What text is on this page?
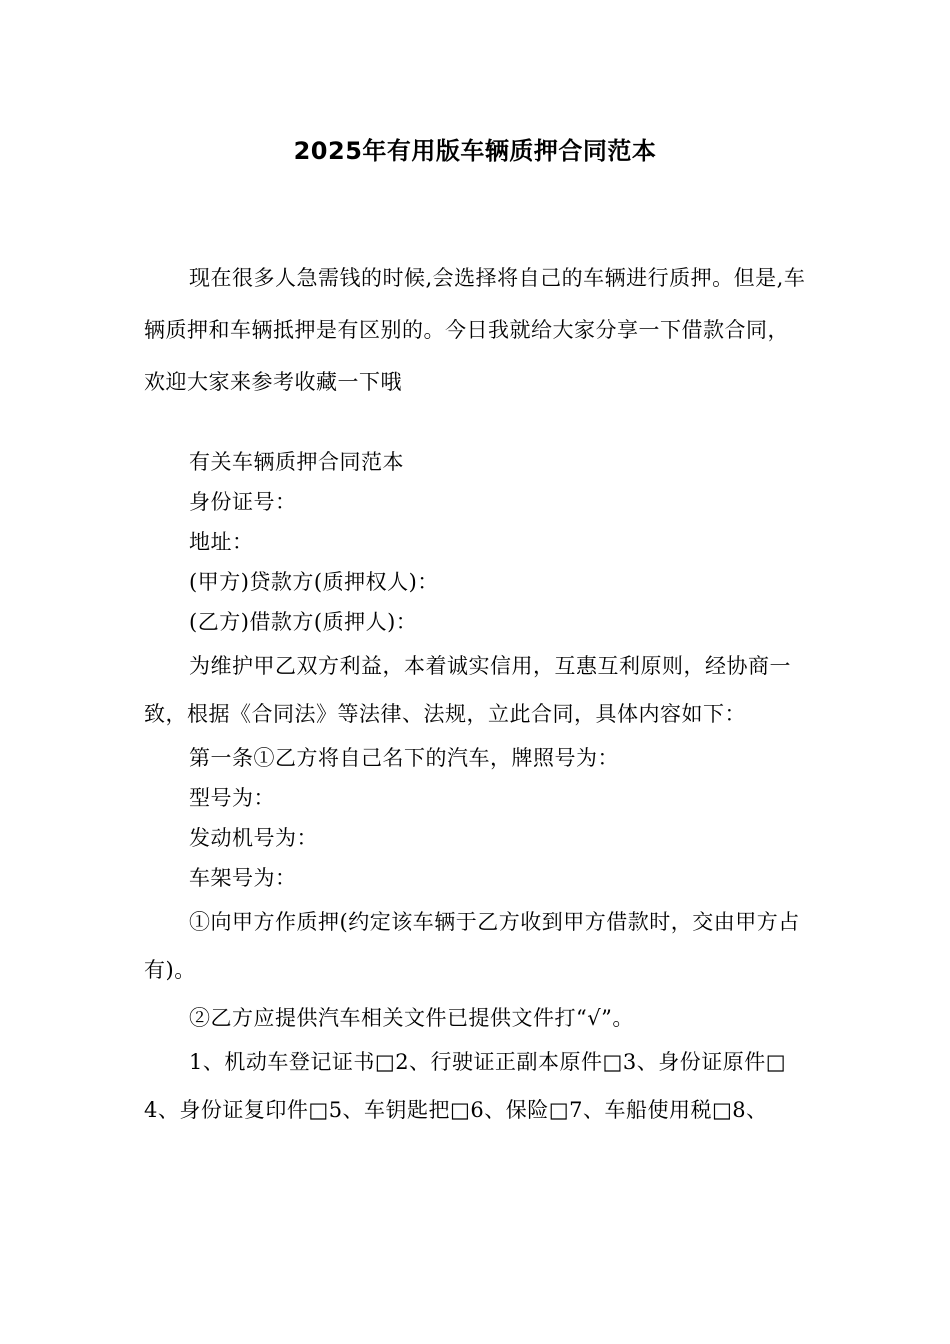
2025年有用版车辆质押合同范本

现在很多人急需钱的时候,会选择将自己的车辆进行质押。但是,车辆质押和车辆抵押是有区别的。今日我就给大家分享一下借款合同，欢迎大家来参考收藏一下哦

有关车辆质押合同范本

身份证号：

地址：

(甲方)贷款方(质押权人)：

(乙方)借款方(质押人)：

为维护甲乙双方利益，本着诚实信用，互惠互利原则，经协商一致，根据《合同法》等法律、法规，立此合同，具体内容如下：

第一条①乙方将自己名下的汽车，牌照号为：

型号为：

发动机号为：

车架号为：

①向甲方作质押(约定该车辆于乙方收到甲方借款时，交由甲方占有)。

②乙方应提供汽车相关文件已提供文件打“√”。

1、机动车登记证书□2、行驶证正副本原件□3、身份证原件□4、身份证复印件□5、车钥匙把□6、保险□7、车船使用税□8、
